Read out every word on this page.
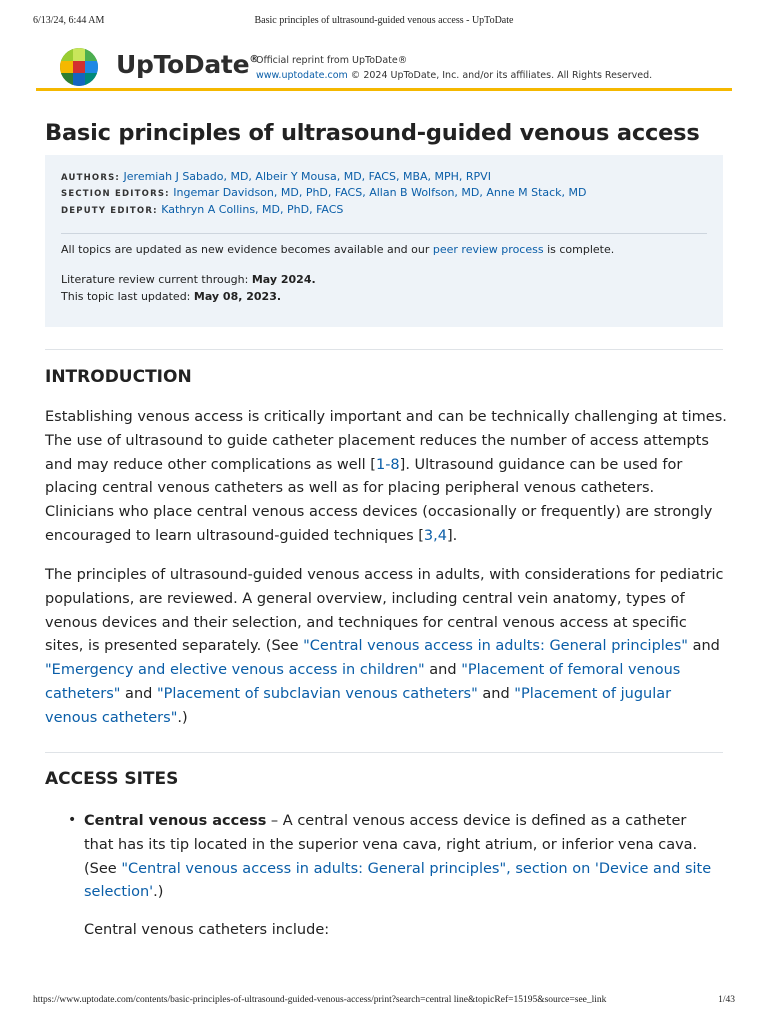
6/13/24, 6:44 AM	Basic principles of ultrasound-guided venous access - UpToDate
UpToDate®
Official reprint from UpToDate®
www.uptodate.com © 2024 UpToDate, Inc. and/or its affiliates. All Rights Reserved.
Basic principles of ultrasound-guided venous access
AUTHORS: Jeremiah J Sabado, MD, Albeir Y Mousa, MD, FACS, MBA, MPH, RPVI
SECTION EDITORS: Ingemar Davidson, MD, PhD, FACS, Allan B Wolfson, MD, Anne M Stack, MD
DEPUTY EDITOR: Kathryn A Collins, MD, PhD, FACS
All topics are updated as new evidence becomes available and our peer review process is complete.
Literature review current through: May 2024.
This topic last updated: May 08, 2023.
INTRODUCTION
Establishing venous access is critically important and can be technically challenging at times. The use of ultrasound to guide catheter placement reduces the number of access attempts and may reduce other complications as well [1-8]. Ultrasound guidance can be used for placing central venous catheters as well as for placing peripheral venous catheters. Clinicians who place central venous access devices (occasionally or frequently) are strongly encouraged to learn ultrasound-guided techniques [3,4].
The principles of ultrasound-guided venous access in adults, with considerations for pediatric populations, are reviewed. A general overview, including central vein anatomy, types of venous devices and their selection, and techniques for central venous access at specific sites, is presented separately. (See "Central venous access in adults: General principles" and "Emergency and elective venous access in children" and "Placement of femoral venous catheters" and "Placement of subclavian venous catheters" and "Placement of jugular venous catheters".)
ACCESS SITES
• Central venous access – A central venous access device is defined as a catheter that has its tip located in the superior vena cava, right atrium, or inferior vena cava. (See "Central venous access in adults: General principles", section on 'Device and site selection'.)
Central venous catheters include:
https://www.uptodate.com/contents/basic-principles-of-ultrasound-guided-venous-access/print?search=central line&topicRef=15195&source=see_link	1/43
